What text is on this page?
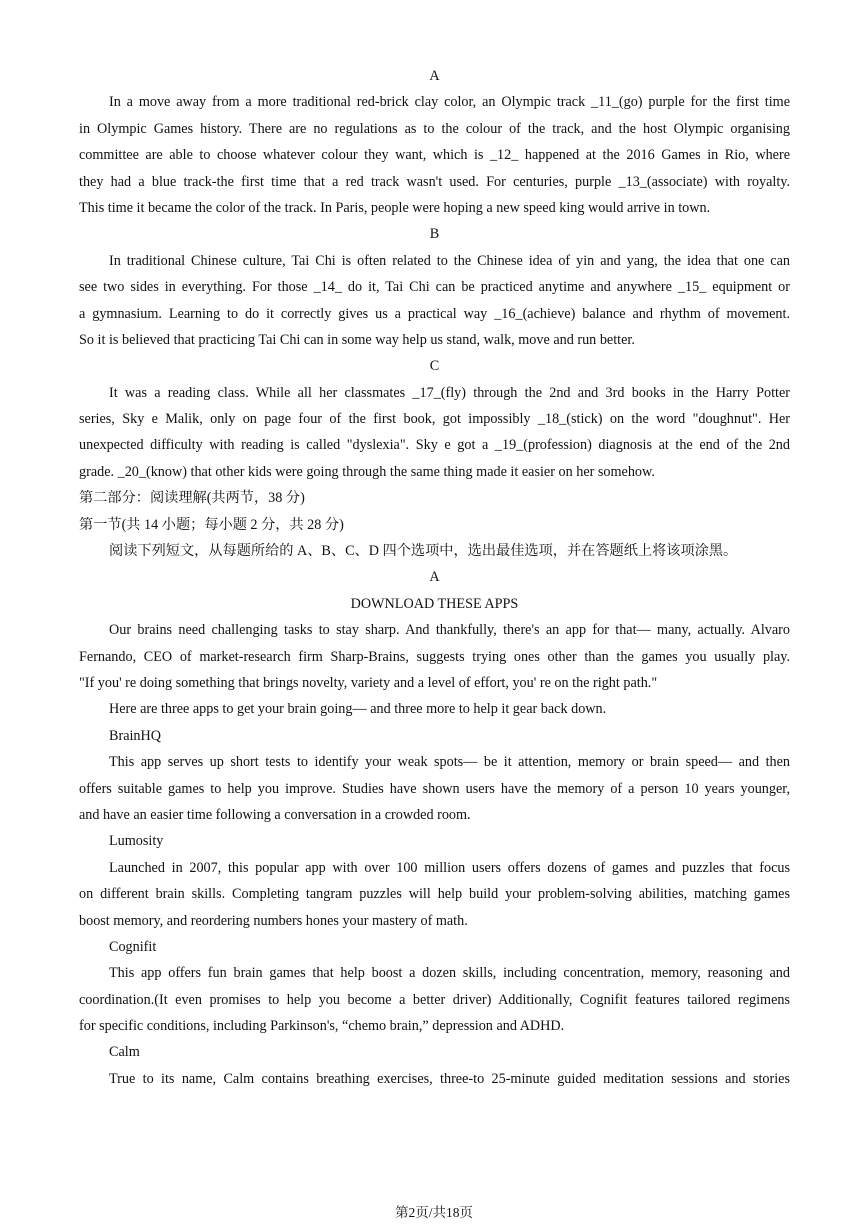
A
In a move away from a more traditional red-brick clay color, an Olympic track _11_(go) purple for the first time
in Olympic Games history. There are no regulations as to the colour of the track, and the host Olympic organising
committee are able to choose whatever colour they want, which is _12_ happened at the 2016 Games in Rio, where
they had a blue track-the first time that a red track wasn't used. For centuries, purple _13_(associate) with royalty.
This time it became the color of the track. In Paris, people were hoping a new speed king would arrive in town.
B
In traditional Chinese culture, Tai Chi is often related to the Chinese idea of yin and yang, the idea that one can
see two sides in everything. For those _14_ do it, Tai Chi can be practiced anytime and anywhere _15_ equipment or
a gymnasium. Learning to do it correctly gives us a practical way _16_(achieve) balance and rhythm of movement.
So it is believed that practicing Tai Chi can in some way help us stand, walk, move and run better.
C
It was a reading class. While all her classmates _17_(fly) through the 2nd and 3rd books in the Harry Potter
series, Sky e Malik, only on page four of the first book, got impossibly _18_(stick) on the word "doughnut". Her
unexpected difficulty with reading is called "dyslexia". Sky e got a _19_(profession) diagnosis at the end of the 2nd
grade. _20_(know) that other kids were going through the same thing made it easier on her somehow.
第二部分：阅读理解(共两节，38 分)
第一节(共 14 小题；每小题 2 分，共 28 分)
阅读下列短文，从每题所给的 A、B、C、D 四个选项中，选出最佳选项，并在答题纸上将该项涂黑。
A
DOWNLOAD THESE APPS
Our brains need challenging tasks to stay sharp. And thankfully, there's an app for that— many, actually. Alvaro
Fernando, CEO of market-research firm Sharp-Brains, suggests trying ones other than the games you usually play.
"If you' re doing something that brings novelty, variety and a level of effort, you' re on the right path."
Here are three apps to get your brain going— and three more to help it gear back down.
BrainHQ
This app serves up short tests to identify your weak spots— be it attention, memory or brain speed— and then
offers suitable games to help you improve. Studies have shown users have the memory of a person 10 years younger,
and have an easier time following a conversation in a crowded room.
Lumosity
Launched in 2007, this popular app with over 100 million users offers dozens of games and puzzles that focus
on different brain skills. Completing tangram puzzles will help build your problem-solving abilities, matching games
boost memory, and reordering numbers hones your mastery of math.
Cognifit
This app offers fun brain games that help boost a dozen skills, including concentration, memory, reasoning and
coordination.(It even promises to help you become a better driver) Additionally, Cognifit features tailored regimens
for specific conditions, including Parkinson's, “chemo brain,” depression and ADHD.
Calm
True to its name, Calm contains breathing exercises, three-to 25-minute guided meditation sessions and stories
第2页/共18页
